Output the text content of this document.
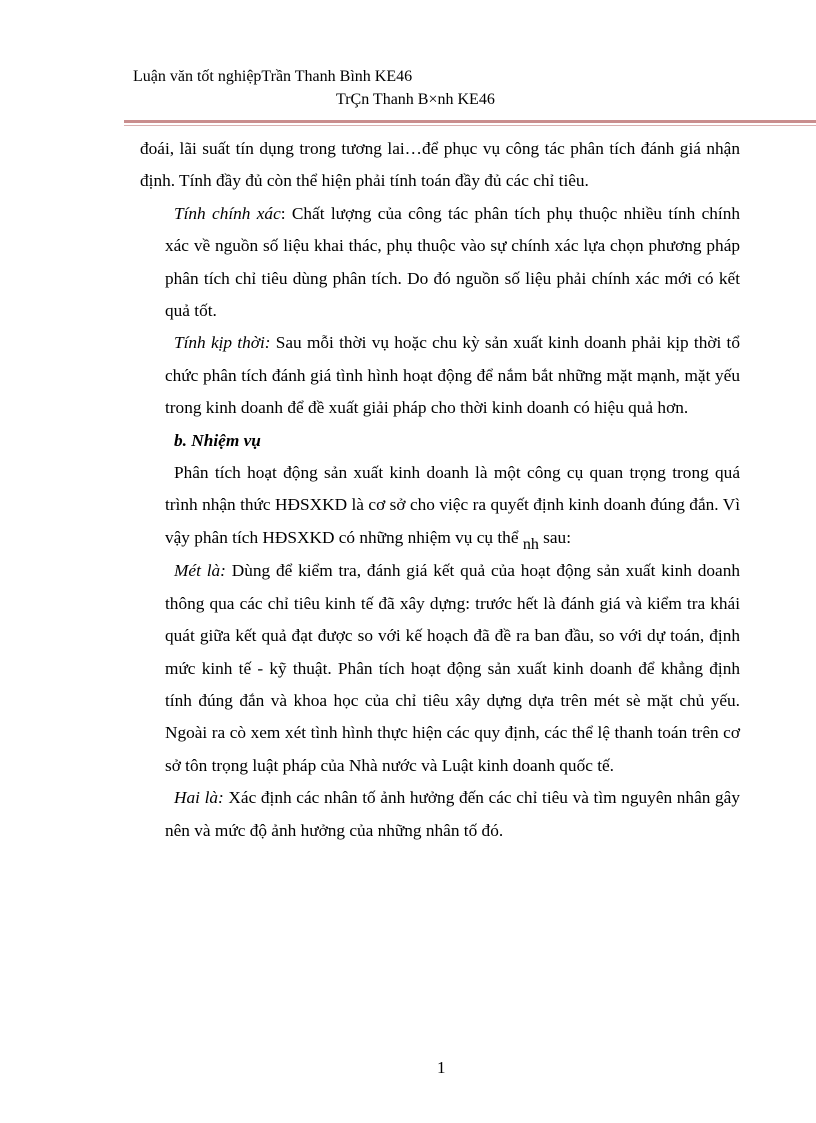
Luận văn tốt nghiệpTrần Thanh Bình KE46
TrÇn Thanh B×nh KE46

đoái, lãi suất tín dụng trong tương lai…để phục vụ công tác phân tích đánh giá nhận định. Tính đầy đủ còn thể hiện phải tính toán đầy đủ các chỉ tiêu.

Tính chính xác: Chất lượng của công tác phân tích phụ thuộc nhiều tính chính xác về nguồn số liệu khai thác, phụ thuộc vào sự chính xác lựa chọn phương pháp phân tích chỉ tiêu dùng phân tích. Do đó nguồn số liệu phải chính xác mới có kết quả tốt.

Tính kịp thời: Sau mỗi thời vụ hoặc chu kỳ sản xuất kinh doanh phải kịp thời tổ chức phân tích đánh giá tình hình hoạt động để nắm bắt những mặt mạnh, mặt yếu trong kinh doanh để đề xuất giải pháp cho thời kinh doanh có hiệu quả hơn.

b. Nhiệm vụ

Phân tích hoạt động sản xuất kinh doanh là một công cụ quan trọng trong quá trình nhận thức HĐSXKD là cơ sở cho việc ra quyết định kinh doanh đúng đắn. Vì vậy phân tích HĐSXKD có những nhiệm vụ cụ thể nh sau:

Mét là: Dùng để kiểm tra, đánh giá kết quả của hoạt động sản xuất kinh doanh thông qua các chỉ tiêu kinh tế đã xây dựng: trước hết là đánh giá và kiểm tra khái quát giữa kết quả đạt được so với kế hoạch đã đề ra ban đầu, so với dự toán, định mức kinh tế - kỹ thuật. Phân tích hoạt động sản xuất kinh doanh để khẳng định tính đúng đắn và khoa học của chỉ tiêu xây dựng dựa trên mét sè mặt chủ yếu. Ngoài ra cò xem xét tình hình thực hiện các quy định, các thể lệ thanh toán trên cơ sở tôn trọng luật pháp của Nhà nước và Luật kinh doanh quốc tế.

Hai là: Xác định các nhân tố ảnh hưởng đến các chỉ tiêu và tìm nguyên nhân gây nên và mức độ ảnh hưởng của những nhân tố đó.

1
